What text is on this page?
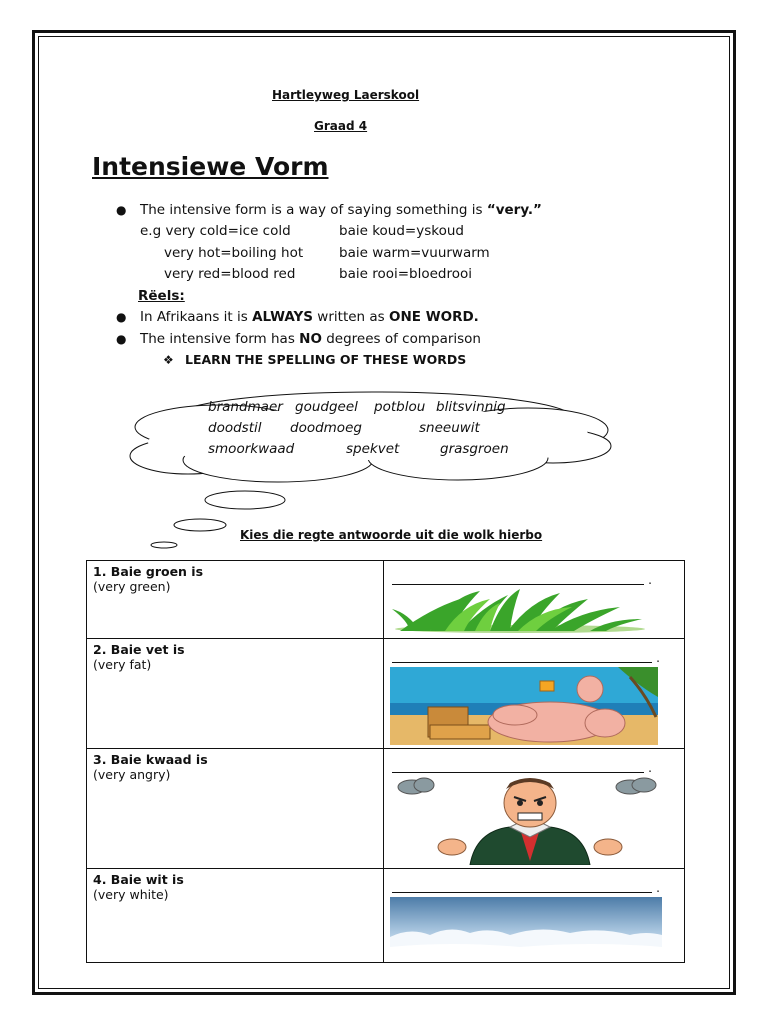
Hartleyweg Laerskool
Graad 4
Intensiewe Vorm
● The intensive form is a way of saying something is “very.”
e.g very cold=ice cold	baie koud=yskoud
very hot=boiling hot	baie warm=vuurwarm
very red=blood red	baie rooi=bloedrooi
Rëels:
● In Afrikaans it is ALWAYS written as ONE WORD.
● The intensive form has NO degrees of comparison
❖ LEARN THE SPELLING OF THESE WORDS
brandmaer goudgeel potblou blitsvinnig
doodstil doodmoeg	sneeuwit
smoorkwaad	spekvet	grasgroen
Kies die regte antwoorde uit die wolk hierbo
1. Baie groen is
(very green)	.

2. Baie vet is
(very fat)	.

3. Baie kwaad is
(very angry)	.

4. Baie wit is
(very white)	.
